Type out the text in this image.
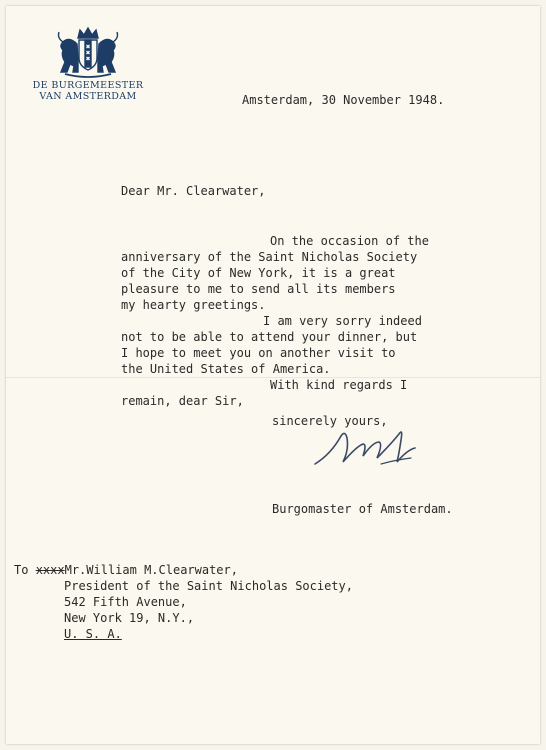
DE BURGEMEESTER
VAN AMSTERDAM	Amsterdam, 30 November 1948.
Dear Mr. Clearwater,
On the occasion of the
anniversary of the Saint Nicholas Society
of the City of New York, it is a great
pleasure to me to send all its members
my hearty greetings.
I am very sorry indeed
not to be able to attend your dinner, but
I hope to meet you on another visit to
the United States of America.
With kind regards I
remain, dear Sir,
sincerely yours,
Burgomaster of Amsterdam.
To xxxxMr.William M.Clearwater,
President of the Saint Nicholas Society,
542 Fifth Avenue,
New York 19, N.Y.,
U. S. A.
